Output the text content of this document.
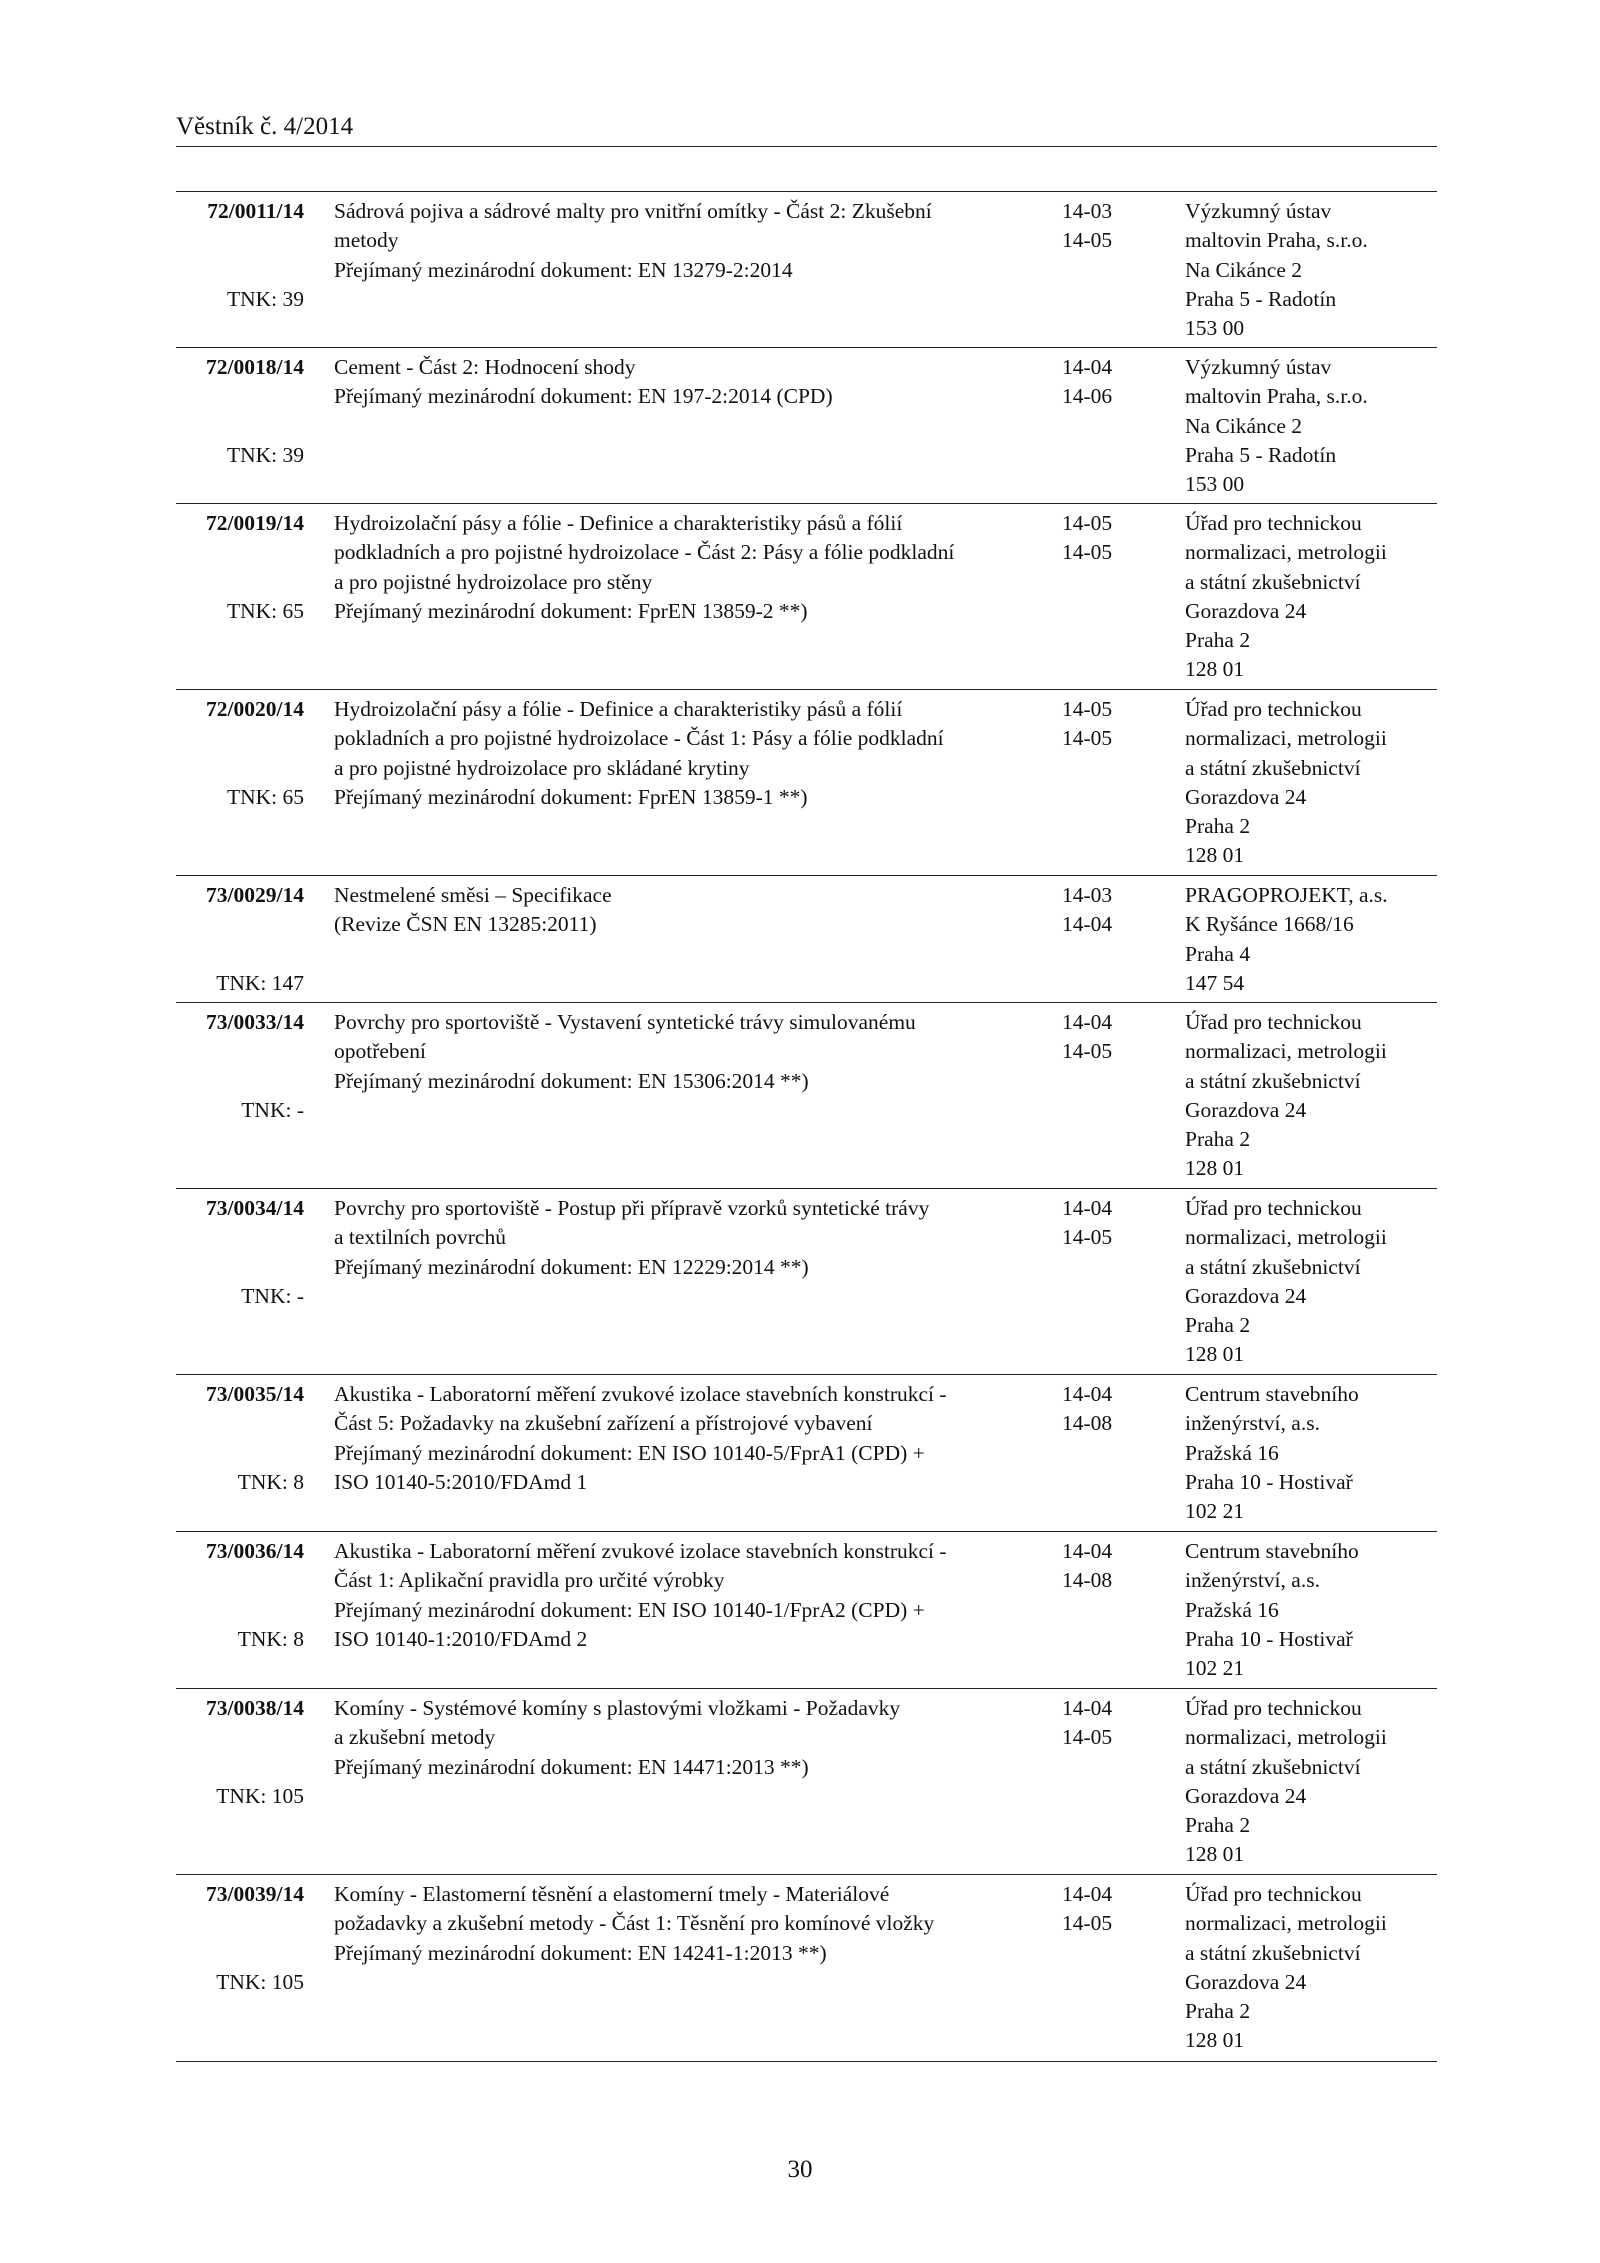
Věstník č. 4/2014
72/0011/14
TNK: 39
Sádrová pojiva a sádrové malty pro vnitřní omítky - Část 2: Zkušební
metody
Přejímaný mezinárodní dokument: EN 13279-2:2014
14-03
14-05
Výzkumný ústav
maltovin Praha, s.r.o.
Na Cikánce 2
Praha 5 - Radotín
153 00
72/0018/14
TNK: 39
Cement - Část 2: Hodnocení shody
Přejímaný mezinárodní dokument: EN 197-2:2014 (CPD)
14-04
14-06
Výzkumný ústav
maltovin Praha, s.r.o.
Na Cikánce 2
Praha 5 - Radotín
153 00
72/0019/14
TNK: 65
Hydroizolační pásy a fólie - Definice a charakteristiky pásů a fólií
podkladních a pro pojistné hydroizolace - Část 2: Pásy a fólie podkladní
a pro pojistné hydroizolace pro stěny
Přejímaný mezinárodní dokument: FprEN 13859-2 **)
14-05
14-05
Úřad pro technickou
normalizaci, metrologii
a státní zkušebnictví
Gorazdova 24
Praha 2
128 01
72/0020/14
TNK: 65
Hydroizolační pásy a fólie - Definice a charakteristiky pásů a fólií
pokladních a pro pojistné hydroizolace - Část 1: Pásy a fólie podkladní
a pro pojistné hydroizolace pro skládané krytiny
Přejímaný mezinárodní dokument: FprEN 13859-1 **)
14-05
14-05
Úřad pro technickou
normalizaci, metrologii
a státní zkušebnictví
Gorazdova 24
Praha 2
128 01
73/0029/14
TNK: 147
Nestmelené směsi – Specifikace
(Revize ČSN EN 13285:2011)
14-03
14-04
PRAGOPROJEKT, a.s.
K Ryšánce 1668/16
Praha 4
147 54
73/0033/14
TNK: -
Povrchy pro sportoviště - Vystavení syntetické trávy simulovanému
opotřebení
Přejímaný mezinárodní dokument: EN 15306:2014 **)
14-04
14-05
Úřad pro technickou
normalizaci, metrologii
a státní zkušebnictví
Gorazdova 24
Praha 2
128 01
73/0034/14
TNK: -
Povrchy pro sportoviště - Postup při přípravě vzorků syntetické trávy
a textilních povrchů
Přejímaný mezinárodní dokument: EN 12229:2014 **)
14-04
14-05
Úřad pro technickou
normalizaci, metrologii
a státní zkušebnictví
Gorazdova 24
Praha 2
128 01
73/0035/14
TNK: 8
Akustika - Laboratorní měření zvukové izolace stavebních konstrukcí -
Část 5: Požadavky na zkušební zařízení a přístrojové vybavení
Přejímaný mezinárodní dokument: EN ISO 10140-5/FprA1 (CPD) +
ISO 10140-5:2010/FDAmd 1
14-04
14-08
Centrum stavebního
inženýrství, a.s.
Pražská 16
Praha 10 - Hostivař
102 21
73/0036/14
TNK: 8
Akustika - Laboratorní měření zvukové izolace stavebních konstrukcí -
Část 1: Aplikační pravidla pro určité výrobky
Přejímaný mezinárodní dokument: EN ISO 10140-1/FprA2 (CPD) +
ISO 10140-1:2010/FDAmd 2
14-04
14-08
Centrum stavebního
inženýrství, a.s.
Pražská 16
Praha 10 - Hostivař
102 21
73/0038/14
TNK: 105
Komíny - Systémové komíny s plastovými vložkami - Požadavky
a zkušební metody
Přejímaný mezinárodní dokument: EN 14471:2013 **)
14-04
14-05
Úřad pro technickou
normalizaci, metrologii
a státní zkušebnictví
Gorazdova 24
Praha 2
128 01
73/0039/14
TNK: 105
Komíny - Elastomerní těsnění a elastomerní tmely - Materiálové
požadavky a zkušební metody - Část 1: Těsnění pro komínové vložky
Přejímaný mezinárodní dokument: EN 14241-1:2013 **)
14-04
14-05
Úřad pro technickou
normalizaci, metrologii
a státní zkušebnictví
Gorazdova 24
Praha 2
128 01
30
